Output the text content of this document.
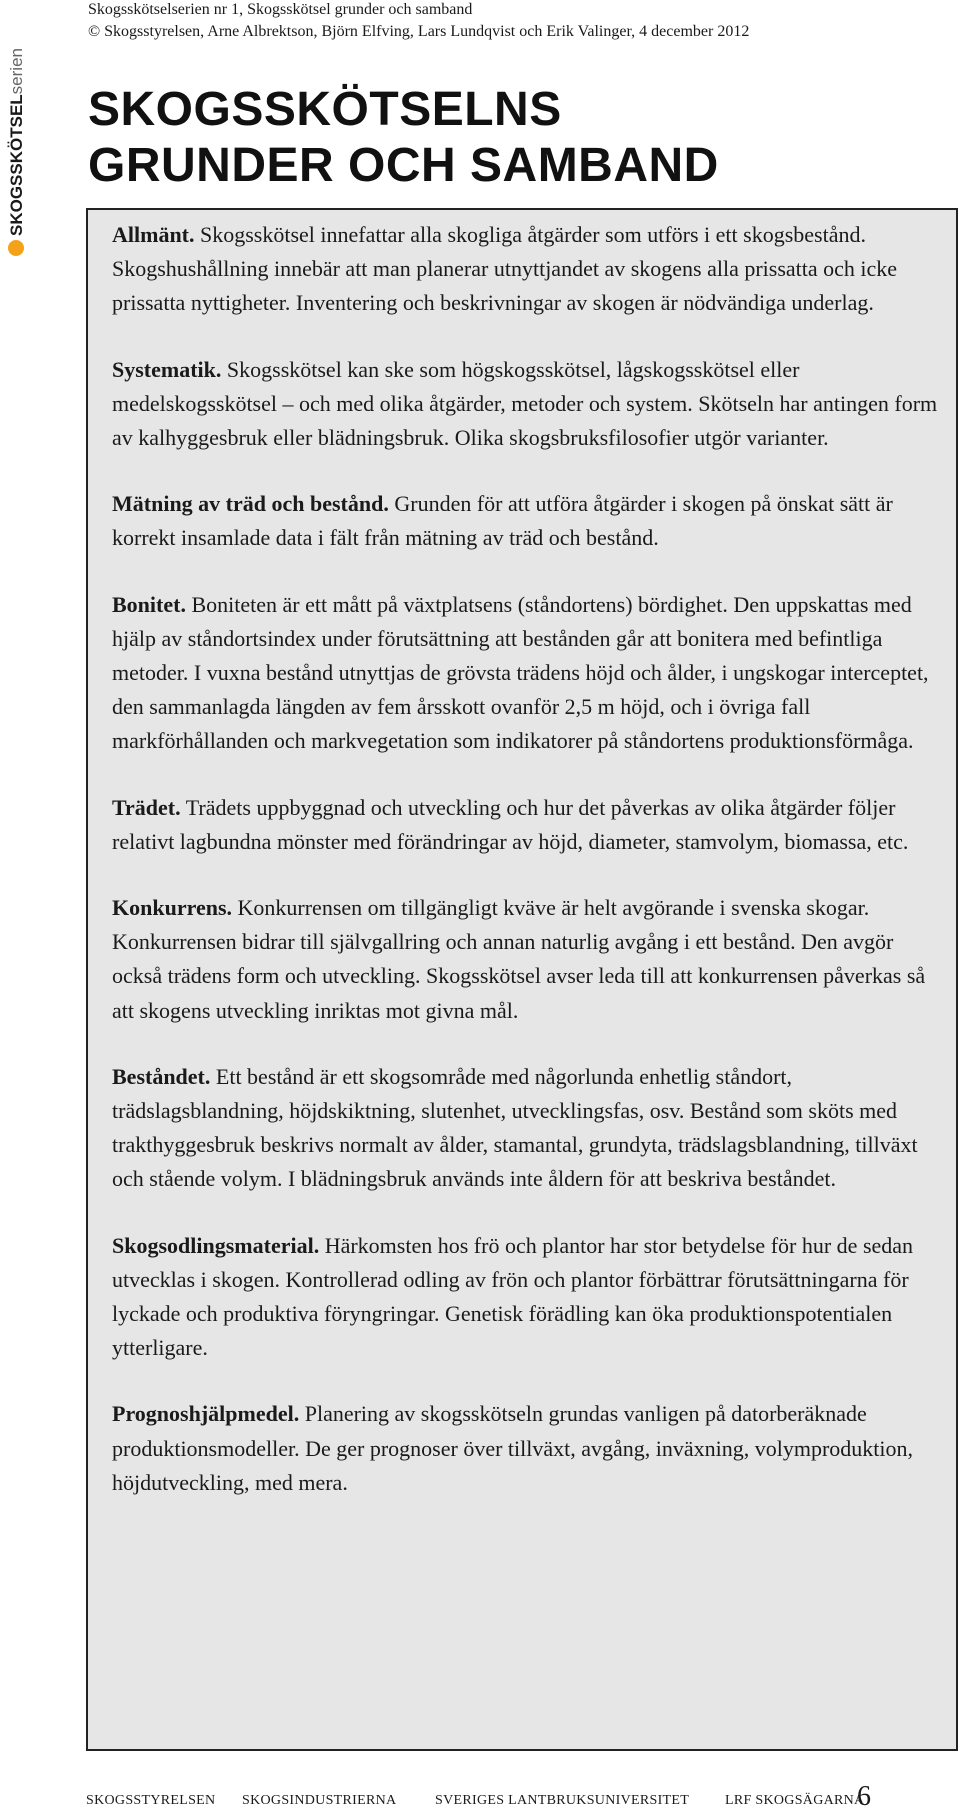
SKOGSSKÖTSELserien
Skogsskötselserien nr 1, Skogsskötsel grunder och samband
© Skogsstyrelsen, Arne Albrektson, Björn Elfving, Lars Lundqvist och Erik Valinger, 4 december 2012
SKOGSSKÖTSELNS
GRUNDER OCH SAMBAND

Allmänt. Skogsskötsel innefattar alla skogliga åtgärder som utförs i ett skogsbestånd. Skogshushållning innebär att man planerar utnyttjandet av skogens alla prissatta och icke prissatta nyttigheter. Inventering och beskrivningar av skogen är nödvändiga underlag.

Systematik. Skogsskötsel kan ske som högskogsskötsel, lågskogsskötsel eller medelskogsskötsel – och med olika åtgärder, metoder och system. Skötseln har antingen form av kalhyggesbruk eller blädningsbruk. Olika skogsbruksfilosofier utgör varianter.

Mätning av träd och bestånd. Grunden för att utföra åtgärder i skogen på önskat sätt är korrekt insamlade data i fält från mätning av träd och bestånd.

Bonitet. Boniteten är ett mått på växtplatsens (ståndortens) bördighet. Den uppskattas med hjälp av ståndortsindex under förutsättning att bestånden går att bonitera med befintliga metoder. I vuxna bestånd utnyttjas de grövsta trädens höjd och ålder, i ungskogar interceptet, den sammanlagda längden av fem årsskott ovanför 2,5 m höjd, och i övriga fall markförhållanden och markvegetation som indikatorer på ståndortens produktionsförmåga.

Trädet. Trädets uppbyggnad och utveckling och hur det påverkas av olika åtgärder följer relativt lagbundna mönster med förändringar av höjd, diameter, stamvolym, biomassa, etc.

Konkurrens. Konkurrensen om tillgängligt kväve är helt avgörande i svenska skogar. Konkurrensen bidrar till självgallring och annan naturlig avgång i ett bestånd. Den avgör också trädens form och utveckling. Skogsskötsel avser leda till att konkurrensen påverkas så att skogens utveckling inriktas mot givna mål.

Beståndet. Ett bestånd är ett skogsområde med någorlunda enhetlig ståndort, trädslagsblandning, höjdskiktning, slutenhet, utvecklingsfas, osv. Bestånd som sköts med trakthyggesbruk beskrivs normalt av ålder, stamantal, grundyta, trädslagsblandning, tillväxt och stående volym. I blädningsbruk används inte åldern för att beskriva beståndet.

Skogsodlingsmaterial. Härkomsten hos frö och plantor har stor betydelse för hur de sedan utvecklas i skogen. Kontrollerad odling av frön och plantor förbättrar förutsättningarna för lyckade och produktiva föryngringar. Genetisk förädling kan öka produktionspotentialen ytterligare.

Prognoshjälpmedel. Planering av skogsskötseln grundas vanligen på datorberäknade produktionsmodeller. De ger prognoser över tillväxt, avgång, inväxning, volymproduktion, höjdutveckling, med mera.

SKOGSSTYRELSEN SKOGSINDUSTRIERNA	SVERIGES LANTBRUKSUNIVERSITET	LRF SKOGSÄGARNA
6
